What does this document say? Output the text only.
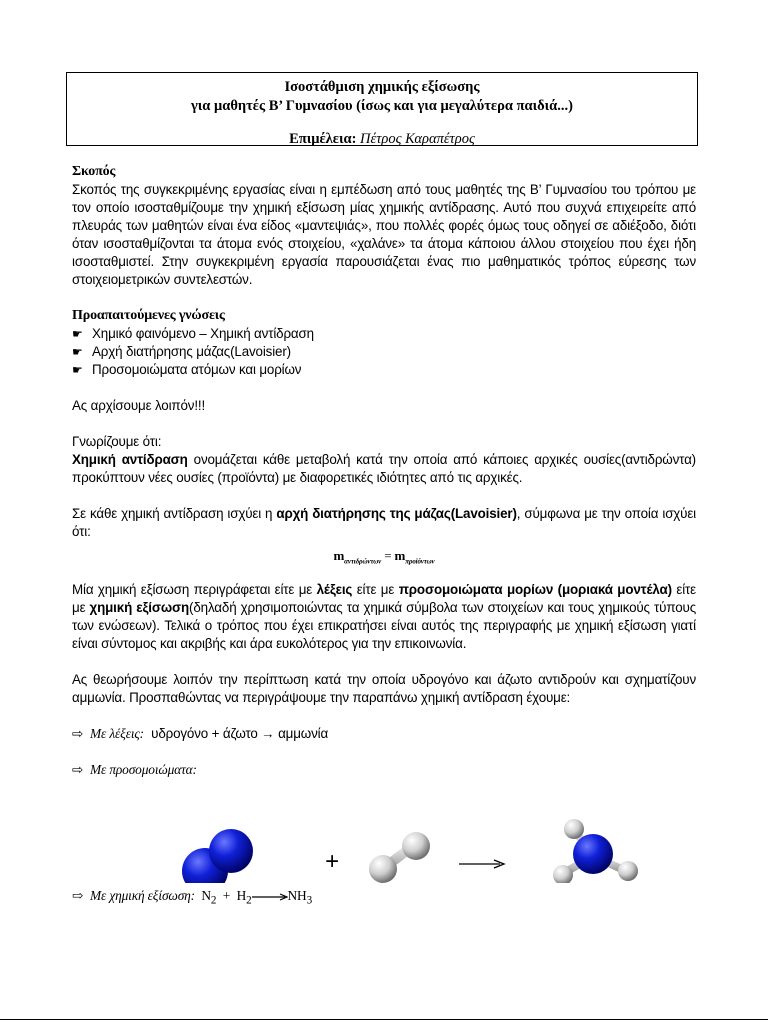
Ισοστάθμιση χημικής εξίσωσης
για μαθητές Β’ Γυμνασίου (ίσως και για μεγαλύτερα παιδιά...)
Επιμέλεια: Πέτρος Καραπέτρος

Σκοπός

Σκοπός της συγκεκριμένης εργασίας είναι η εμπέδωση από τους μαθητές της Β’ Γυμνασίου του τρόπου με τον οποίο ισοσταθμίζουμε την χημική εξίσωση μίας χημικής αντίδρασης. Αυτό που συχνά επιχειρείτε από πλευράς των μαθητών είναι ένα είδος «μαντεψιάς», που πολλές φορές όμως τους οδηγεί σε αδιέξοδο, διότι όταν ισοσταθμίζονται τα άτομα ενός στοιχείου, «χαλάνε» τα άτομα κάποιου άλλου στοιχείου που έχει ήδη ισοσταθμιστεί. Στην συγκεκριμένη εργασία παρουσιάζεται ένας πιο μαθηματικός τρόπος εύρεσης των στοιχειομετρικών συντελεστών.

Προαπαιτούμενες γνώσεις

☛ Χημικό φαινόμενο – Χημική αντίδραση

☛ Αρχή διατήρησης μάζας(Lavoisier)

☛ Προσομοιώματα ατόμων και μορίων

Ας αρχίσουμε λοιπόν!!!

Γνωρίζουμε ότι:

Χημική αντίδραση ονομάζεται κάθε μεταβολή κατά την οποία από κάποιες αρχικές ουσίες(αντιδρώντα) προκύπτουν νέες ουσίες (προϊόντα) με διαφορετικές ιδιότητες από τις αρχικές.

Σε κάθε χημική αντίδραση ισχύει η αρχή διατήρησης της μάζας(Lavoisier), σύμφωνα με την οποία ισχύει ότι:

$m_{\alpha\nu\tau\iota\delta\rho ώ\nu\tau\omega\nu} = m_{\pi\rho oϊό\nu\tau\omega\nu}$

Μία χημική εξίσωση περιγράφεται είτε με λέξεις είτε με προσομοιώματα μορίων (μοριακά μοντέλα) είτε με χημική εξίσωση(δηλαδή χρησιμοποιώντας τα χημικά σύμβολα των στοιχείων και τους χημικούς τύπους των ενώσεων). Τελικά ο τρόπος που έχει επικρατήσει είναι αυτός της περιγραφής με χημική εξίσωση γιατί είναι σύντομος και ακριβής και άρα ευκολότερος για την επικοινωνία.

Ας θεωρήσουμε λοιπόν την περίπτωση κατά την οποία υδρογόνο και άζωτο αντιδρούν και σχηματίζουν αμμωνία. Προσπαθώντας να περιγράψουμε την παραπάνω χημική αντίδραση έχουμε:

⇨ Με λέξεις: υδρογόνο + άζωτο → αμμωνία

⇨ Με προσομοιώματα:

+

⇨ Με χημική εξίσωση: $N_2 + H_2\to NH_3$
